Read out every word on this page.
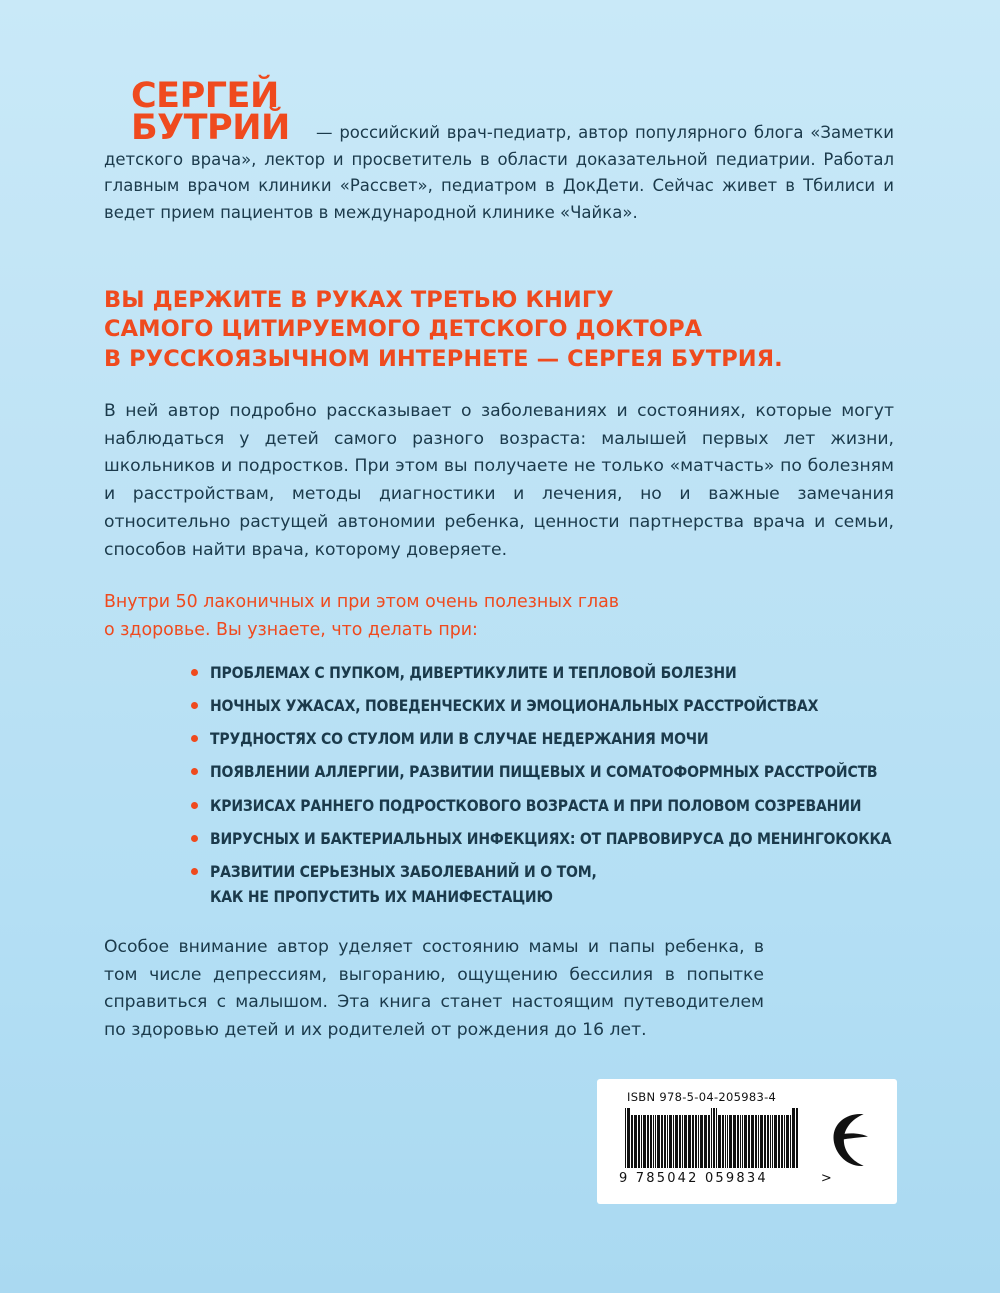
СЕРГЕЙ
БУТРИЙ	— российский врач-педиатр, автор популярного блога «Заметки детского врача», лектор и просветитель в области доказательной педиатрии. Работал главным врачом клиники «Рассвет», педиатром в ДокДети. Сейчас живет в Тбилиси и ведет прием пациентов в международной клинике «Чайка».

ВЫ ДЕРЖИТЕ В РУКАХ ТРЕТЬЮ КНИГУ
САМОГО ЦИТИРУЕМОГО ДЕТСКОГО ДОКТОРА
В РУССКОЯЗЫЧНОМ ИНТЕРНЕТЕ — СЕРГЕЯ БУТРИЯ.

В ней автор подробно рассказывает о заболеваниях и состояниях, которые могут наблюдаться у детей самого разного возраста: малышей первых лет жизни, школьников и подростков. При этом вы получаете не только «матчасть» по болезням и расстройствам, методы диагностики и лечения, но и важные замечания относительно растущей автономии ребенка, ценности партнерства врача и семьи, способов найти врача, которому доверяете.

Внутри 50 лаконичных и при этом очень полезных глав
о здоровье. Вы узнаете, что делать при:
ПРОБЛЕМАХ С ПУПКОМ, ДИВЕРТИКУЛИТЕ И ТЕПЛОВОЙ БОЛЕЗНИ
НОЧНЫХ УЖАСАХ, ПОВЕДЕНЧЕСКИХ И ЭМОЦИОНАЛЬНЫХ РАССТРОЙСТВАХ
ТРУДНОСТЯХ СО СТУЛОМ ИЛИ В СЛУЧАЕ НЕДЕРЖАНИЯ МОЧИ
ПОЯВЛЕНИИ АЛЛЕРГИИ, РАЗВИТИИ ПИЩЕВЫХ И СОМАТОФОРМНЫХ РАССТРОЙСТВ
КРИЗИСАХ РАННЕГО ПОДРОСТКОВОГО ВОЗРАСТА И ПРИ ПОЛОВОМ СОЗРЕВАНИИ
ВИРУСНЫХ И БАКТЕРИАЛЬНЫХ ИНФЕКЦИЯХ: ОТ ПАРВОВИРУСА ДО МЕНИНГОКОККА
РАЗВИТИИ СЕРЬЕЗНЫХ ЗАБОЛЕВАНИЙ И О ТОМ,
КАК НЕ ПРОПУСТИТЬ ИХ МАНИФЕСТАЦИЮ

Особое внимание автор уделяет состоянию мамы и папы ребенка, в том числе депрессиям, выгоранию, ощущению бессилия в попытке справиться с малышом. Эта книга станет настоящим путеводителем по здоровью детей и их родителей от рождения до 16 лет.

ISBN 978-5-04-205983-4
9 785042 059834	>
